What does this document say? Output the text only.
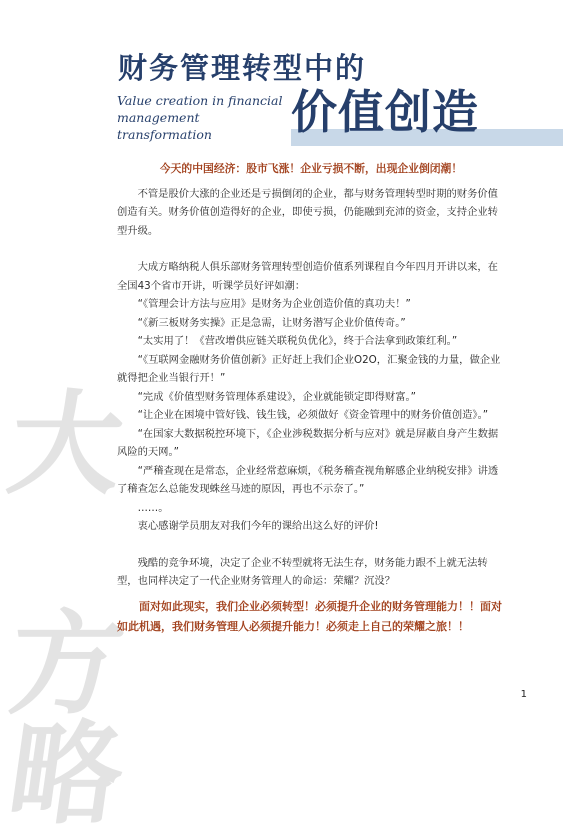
大
方
略
财务管理转型中的
Value creation in financial
management transformation	价值创造

今天的中国经济：股市飞涨！企业亏损不断，出现企业倒闭潮！

不管是股价大涨的企业还是亏损倒闭的企业，都与财务管理转型时期的财务价值创造有关。财务价值创造得好的企业，即使亏损，仍能融到充沛的资金，支持企业转型升级。

大成方略纳税人俱乐部财务管理转型创造价值系列课程自今年四月开讲以来，在全国43个省市开讲，听课学员好评如潮：

“《管理会计方法与应用》是财务为企业创造价值的真功夫！”

“《新三板财务实操》正是急需，让财务潜写企业价值传奇。”

“太实用了！《营改增供应链关联税负优化》，终于合法拿到政策红利。”

“《互联网金融财务价值创新》正好赶上我们企业O2O，汇聚金钱的力量，做企业就得把企业当银行开！”

“完成《价值型财务管理体系建设》，企业就能锁定即得财富。”

“让企业在困境中管好钱、钱生钱，必须做好《资金管理中的财务价值创造》。”

“在国家大数据税控环境下，《企业涉税数据分析与应对》就是屏蔽自身产生数据风险的天网。”

“严稽查现在是常态，企业经常惹麻烦，《税务稽查视角解感企业纳税安排》讲透了稽查怎么总能发现蛛丝马迹的原因，再也不示奈了。”

……。

衷心感谢学员朋友对我们今年的课给出这么好的评价!

残酷的竞争环境，决定了企业不转型就将无法生存，财务能力跟不上就无法转型，也同样决定了一代企业财务管理人的命运：荣耀？沉没？

面对如此现实，我们企业必须转型！必须提升企业的财务管理能力！！面对如此机遇，我们财务管理人必须提升能力！必须走上自己的荣耀之旅！！

1
